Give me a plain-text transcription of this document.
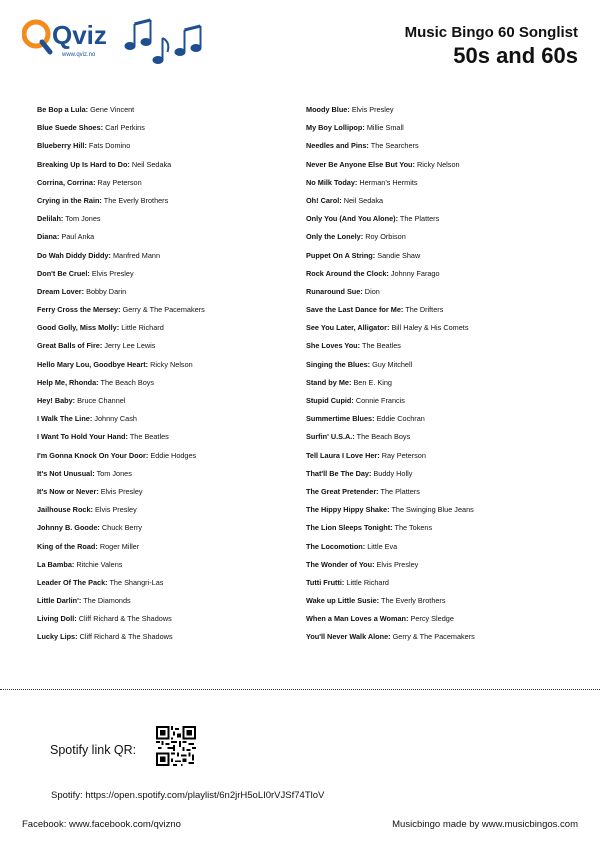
Qviz
www.qviz.no
Music Bingo 60 Songlist
50s and 60s
Be Bop a Lula: Gene Vincent
Blue Suede Shoes: Carl Perkins
Blueberry Hill: Fats Domino
Breaking Up Is Hard to Do: Neil Sedaka
Corrina, Corrina: Ray Peterson
Crying in the Rain: The Everly Brothers
Delilah: Tom Jones
Diana: Paul Anka
Do Wah Diddy Diddy: Manfred Mann
Don't Be Cruel: Elvis Presley
Dream Lover: Bobby Darin
Ferry Cross the Mersey: Gerry & The Pacemakers
Good Golly, Miss Molly: Little Richard
Great Balls of Fire: Jerry Lee Lewis
Hello Mary Lou, Goodbye Heart: Ricky Nelson
Help Me, Rhonda: The Beach Boys
Hey! Baby: Bruce Channel
I Walk The Line: Johnny Cash
I Want To Hold Your Hand: The Beatles
I'm Gonna Knock On Your Door: Eddie Hodges
It's Not Unusual: Tom Jones
It's Now or Never: Elvis Presley
Jailhouse Rock: Elvis Presley
Johnny B. Goode: Chuck Berry
King of the Road: Roger Miller
La Bamba: Ritchie Valens
Leader Of The Pack: The Shangri-Las
Little Darlin': The Diamonds
Living Doll: Cliff Richard & The Shadows
Lucky Lips: Cliff Richard & The Shadows
Moody Blue: Elvis Presley
My Boy Lollipop: Millie Small
Needles and Pins: The Searchers
Never Be Anyone Else But You: Ricky Nelson
No Milk Today: Herman's Hermits
Oh! Carol: Neil Sedaka
Only You (And You Alone): The Platters
Only the Lonely: Roy Orbison
Puppet On A String: Sandie Shaw
Rock Around the Clock: Johnny Farago
Runaround Sue: Dion
Save the Last Dance for Me: The Drifters
See You Later, Alligator: Bill Haley & His Comets
She Loves You: The Beatles
Singing the Blues: Guy Mitchell
Stand by Me: Ben E. King
Stupid Cupid: Connie Francis
Summertime Blues: Eddie Cochran
Surfin' U.S.A.: The Beach Boys
Tell Laura I Love Her: Ray Peterson
That'll Be The Day: Buddy Holly
The Great Pretender: The Platters
The Hippy Hippy Shake: The Swinging Blue Jeans
The Lion Sleeps Tonight: The Tokens
The Locomotion: Little Eva
The Wonder of You: Elvis Presley
Tutti Frutti: Little Richard
Wake up Little Susie: The Everly Brothers
When a Man Loves a Woman: Percy Sledge
You'll Never Walk Alone: Gerry & The Pacemakers
Spotify link QR:
Spotify: https://open.spotify.com/playlist/6n2jrH5oLI0rVJSf74TloV
Facebook: www.facebook.com/qvizno	Musicbingo made by www.musicbingos.com
